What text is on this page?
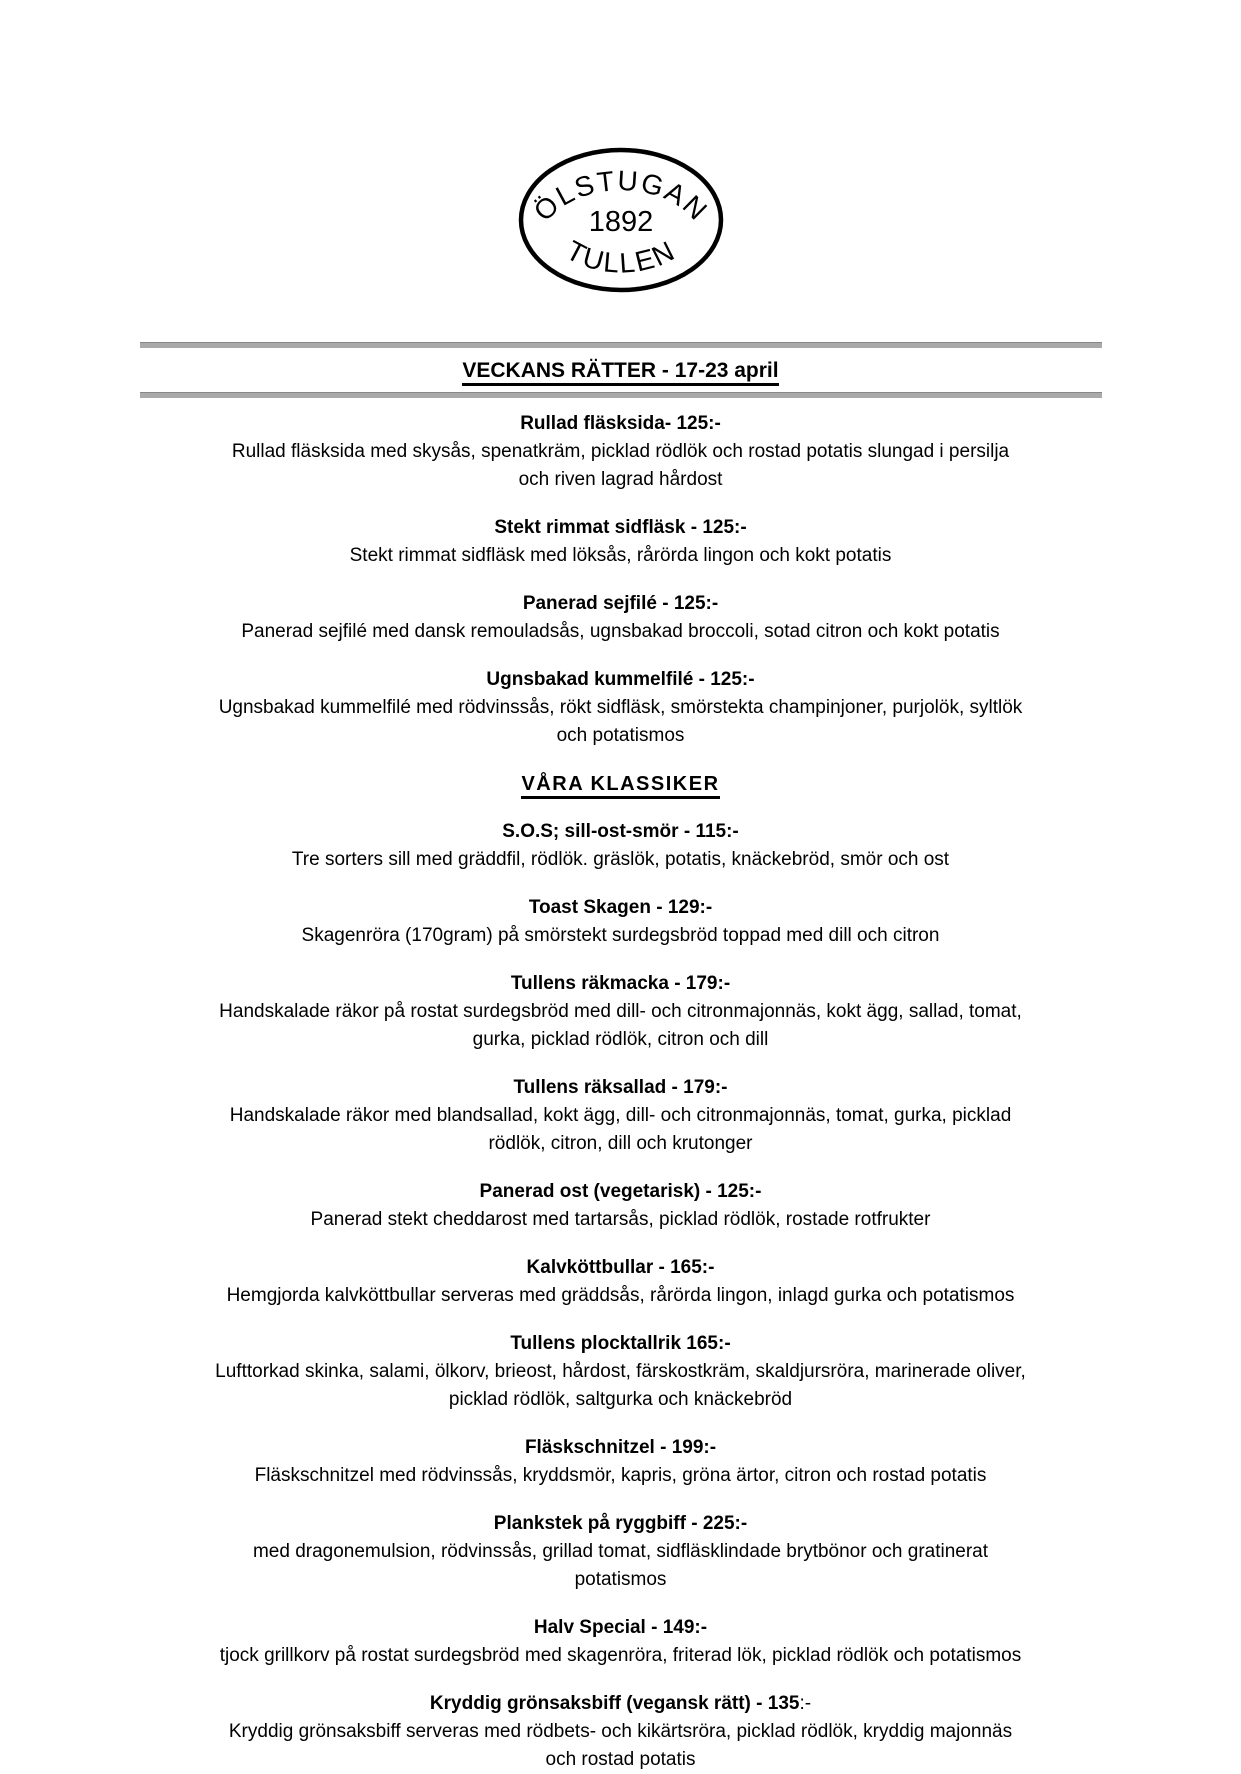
ÖLSTUGAN
1892
TULLEN
VECKANS RÄTTER - 17-23 april
Rullad fläsksida- 125:-
Rullad fläsksida med skysås, spenatkräm, picklad rödlök och rostad potatis slungad i persilja
och riven lagrad hårdost
Stekt rimmat sidfläsk - 125:-
Stekt rimmat sidfläsk med löksås, rårörda lingon och kokt potatis
Panerad sejfilé - 125:-
Panerad sejfilé med dansk remouladsås, ugnsbakad broccoli, sotad citron och kokt potatis
Ugnsbakad kummelfilé - 125:-
Ugnsbakad kummelfilé med rödvinssås, rökt sidfläsk, smörstekta champinjoner, purjolök, syltlök
och potatismos
VÅRA KLASSIKER
S.O.S; sill-ost-smör - 115:-
Tre sorters sill med gräddfil, rödlök. gräslök, potatis, knäckebröd, smör och ost
Toast Skagen - 129:-
Skagenröra (170gram) på smörstekt surdegsbröd toppad med dill och citron
Tullens räkmacka - 179:-
Handskalade räkor på rostat surdegsbröd med dill- och citronmajonnäs, kokt ägg, sallad, tomat,
gurka, picklad rödlök, citron och dill
Tullens räksallad - 179:-
Handskalade räkor med blandsallad, kokt ägg, dill- och citronmajonnäs, tomat, gurka, picklad
rödlök, citron, dill och krutonger
Panerad ost (vegetarisk) - 125:-
Panerad stekt cheddarost med tartarsås, picklad rödlök, rostade rotfrukter
Kalvköttbullar - 165:-
Hemgjorda kalvköttbullar serveras med gräddsås, rårörda lingon, inlagd gurka och potatismos
Tullens plocktallrik 165:-
Lufttorkad skinka, salami, ölkorv, brieost, hårdost, färskostkräm, skaldjursröra, marinerade oliver,
picklad rödlök, saltgurka och knäckebröd
Fläskschnitzel - 199:-
Fläskschnitzel med rödvinssås, kryddsmör, kapris, gröna ärtor, citron och rostad potatis
Plankstek på ryggbiff - 225:-
med dragonemulsion, rödvinssås, grillad tomat, sidfläsklindade brytbönor och gratinerat
potatismos
Halv Special - 149:-
tjock grillkorv på rostat surdegsbröd med skagenröra, friterad lök, picklad rödlök och potatismos
Kryddig grönsaksbiff (vegansk rätt) - 135:-
Kryddig grönsaksbiff serveras med rödbets- och kikärtsröra, picklad rödlök, kryddig majonnäs
och rostad potatis
